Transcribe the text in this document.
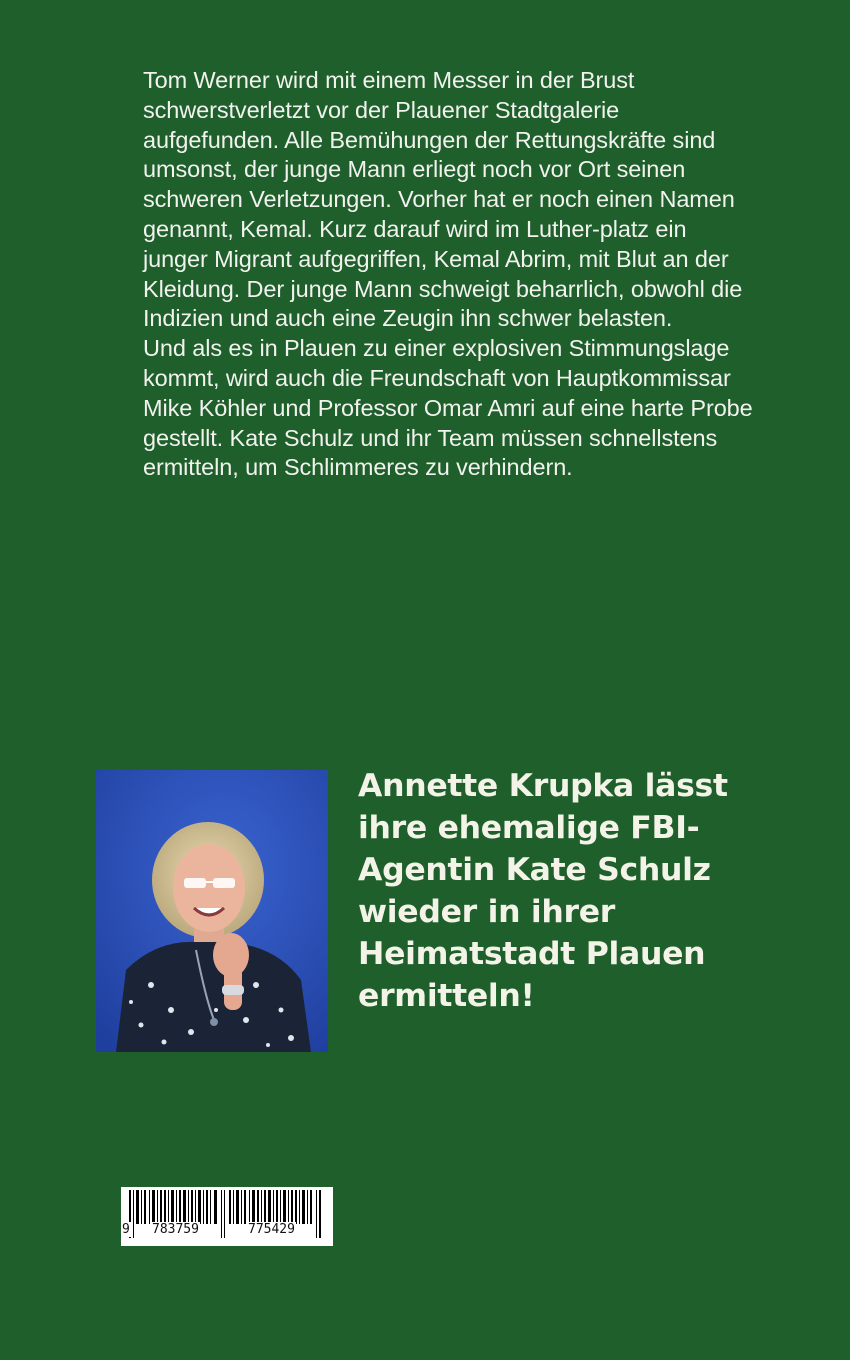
Tom Werner wird mit einem Messer in der Brust schwerstverletzt vor der Plauener Stadtgalerie aufgefunden. Alle Bemühungen der Rettungskräfte sind umsonst, der junge Mann erliegt noch vor Ort seinen schweren Verletzungen. Vorher hat er noch einen Namen genannt, Kemal. Kurz darauf wird im Luther-platz ein junger Migrant aufgegriffen, Kemal Abrim, mit Blut an der Kleidung. Der junge Mann schweigt beharrlich, obwohl die Indizien und auch eine Zeugin ihn schwer belasten.

Und als es in Plauen zu einer explosiven Stimmungslage kommt, wird auch die Freundschaft von Hauptkommissar Mike Köhler und Professor Omar Amri auf eine harte Probe gestellt. Kate Schulz und ihr Team müssen schnellstens ermitteln, um Schlimmeres zu verhindern.

Annette Krupka lässt ihre ehemalige FBI-Agentin Kate Schulz wieder in ihrer Heimatstadt Plauen ermitteln!
9 783759	775429
